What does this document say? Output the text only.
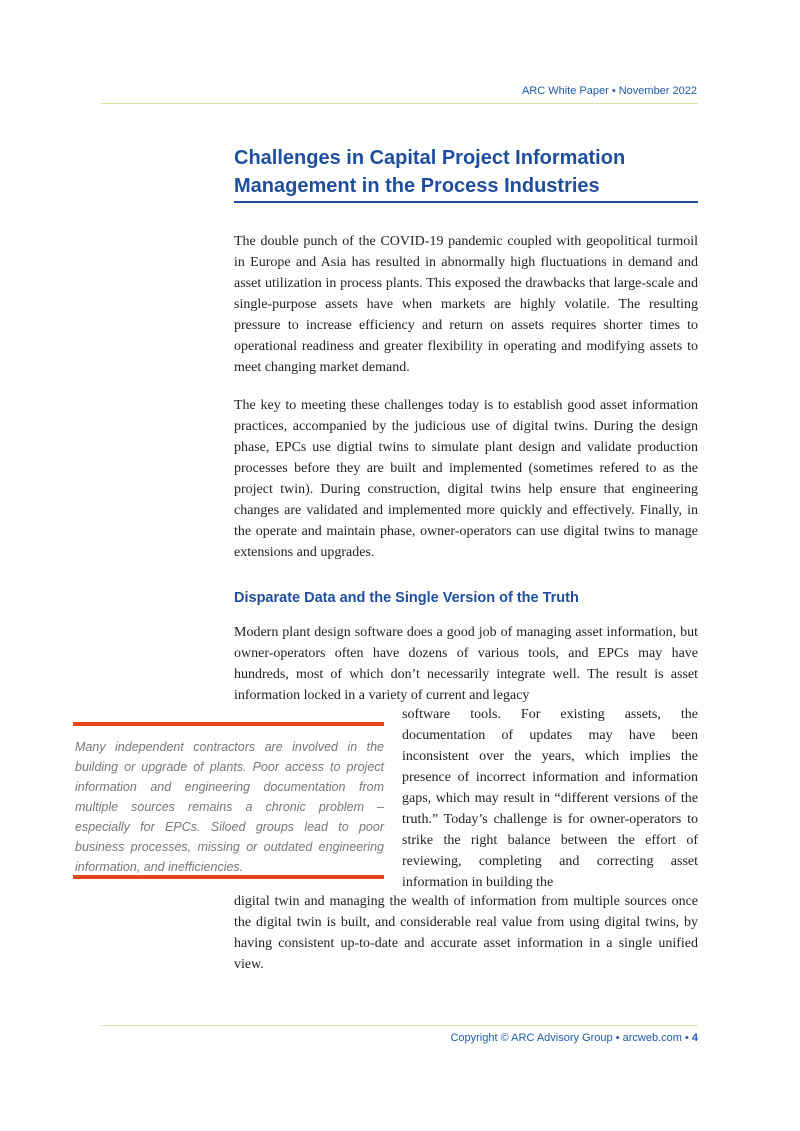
ARC White Paper • November 2022
Challenges in Capital Project Information Management in the Process Industries

The double punch of the COVID-19 pandemic coupled with geopolitical turmoil in Europe and Asia has resulted in abnormally high fluctuations in demand and asset utilization in process plants. This exposed the drawbacks that large-scale and single-purpose assets have when markets are highly volatile. The resulting pressure to increase efficiency and return on assets requires shorter times to operational readiness and greater flexibility in operating and modifying assets to meet changing market demand.

The key to meeting these challenges today is to establish good asset information practices, accompanied by the judicious use of digital twins. During the design phase, EPCs use digtial twins to simulate plant design and validate production processes before they are built and implemented (sometimes refered to as the project twin). During construction, digital twins help ensure that engineering changes are validated and implemented more quickly and effectively. Finally, in the operate and maintain phase, owner-operators can use digital twins to manage extensions and upgrades.

Disparate Data and the Single Version of the Truth

Modern plant design software does a good job of managing asset information, but owner-operators often have dozens of various tools, and EPCs may have hundreds, most of which don’t necessarily integrate well. The result is asset information locked in a variety of current and legacy

software tools. For existing assets, the documentation of updates may have been inconsistent over the years, which implies the presence of incorrect information and information gaps, which may result in “different versions of the truth.” Today’s challenge is for owner-operators to strike the right balance between the effort of reviewing, completing and correcting asset information in building the

digital twin and managing the wealth of information from multiple sources once the digital twin is built, and considerable real value from using digital twins, by having consistent up-to-date and accurate asset information in a single unified view.

Many independent contractors are involved in the building or upgrade of plants. Poor access to project information and engineering documentation from multiple sources remains a chronic problem – especially for EPCs. Siloed groups lead to poor business processes, missing or outdated engineering information, and inefficiencies.

Copyright © ARC Advisory Group • arcweb.com • 4
